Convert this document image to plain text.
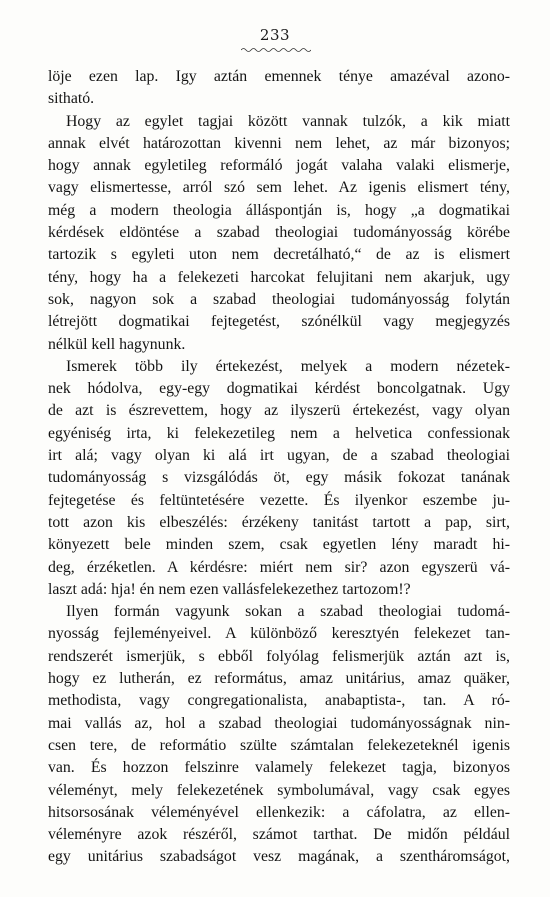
233
löje ezen lap. Igy aztán emennek ténye amazéval azono-
sitható.
Hogy az egylet tagjai között vannak tulzók, a kik miatt
annak elvét határozottan kivenni nem lehet, az már bizonyos;
hogy annak egyletileg reformáló jogát valaha valaki elismerje,
vagy elismertesse, arról szó sem lehet. Az igenis elismert tény,
még a modern theologia álláspontján is, hogy „a dogmatikai
kérdések eldöntése a szabad theologiai tudományosság körébe
tartozik s egyleti uton nem decretálható,“ de az is elismert
tény, hogy ha a felekezeti harcokat felujitani nem akarjuk, ugy
sok, nagyon sok a szabad theologiai tudományosság folytán
létrejött dogmatikai fejtegetést, szónélkül vagy megjegyzés
nélkül kell hagynunk.
Ismerek több ily értekezést, melyek a modern nézetek-
nek hódolva, egy-egy dogmatikai kérdést boncolgatnak. Ugy
de azt is észrevettem, hogy az ilyszerü értekezést, vagy olyan
egyéniség irta, ki felekezetileg nem a helvetica confessionak
irt alá; vagy olyan ki alá irt ugyan, de a szabad theologiai
tudományosság s vizsgálódás öt, egy másik fokozat tanának
fejtegetése és feltüntetésére vezette. És ilyenkor eszembe ju-
tott azon kis elbeszélés: érzékeny tanitást tartott a pap, sirt,
könyezett bele minden szem, csak egyetlen lény maradt hi-
deg, érzéketlen. A kérdésre: miért nem sir? azon egyszerü vá-
laszt adá: hja! én nem ezen vallásfelekezethez tartozom!?
Ilyen formán vagyunk sokan a szabad theologiai tudomá-
nyosság fejleményeivel. A különböző keresztyén felekezet tan-
rendszerét ismerjük, s ebből folyólag felismerjük aztán azt is,
hogy ez lutherán, ez református, amaz unitárius, amaz quäker,
methodista, vagy congregationalista, anabaptista-, tan. A ró-
mai vallás az, hol a szabad theologiai tudományosságnak nin-
csen tere, de reformátio szülte számtalan felekezeteknél igenis
van. És hozzon felszinre valamely felekezet tagja, bizonyos
véleményt, mely felekezetének symbolumával, vagy csak egyes
hitsorsosának véleményével ellenkezik: a cáfolatra, az ellen-
véleményre azok részéről, számot tarthat. De midőn például
egy unitárius szabadságot vesz magának, a szentháromságot,
